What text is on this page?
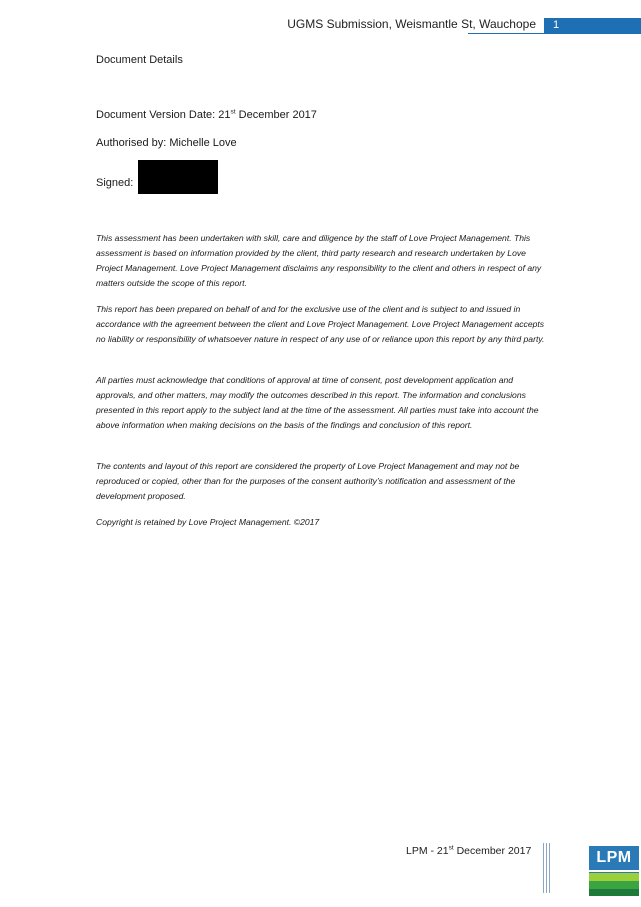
UGMS Submission, Weismantle St, Wauchope 1
Document Details
Document Version Date: 21st December 2017
Authorised by: Michelle Love
Signed:
This assessment has been undertaken with skill, care and diligence by the staff of Love Project Management. This assessment is based on information provided by the client, third party research and research undertaken by Love Project Management. Love Project Management disclaims any responsibility to the client and others in respect of any matters outside the scope of this report.
This report has been prepared on behalf of and for the exclusive use of the client and is subject to and issued in accordance with the agreement between the client and Love Project Management. Love Project Management accepts no liability or responsibility of whatsoever nature in respect of any use of or reliance upon this report by any third party.
All parties must acknowledge that conditions of approval at time of consent, post development application and approvals, and other matters, may modify the outcomes described in this report. The information and conclusions presented in this report apply to the subject land at the time of the assessment. All parties must take into account the above information when making decisions on the basis of the findings and conclusion of this report.
The contents and layout of this report are considered the property of Love Project Management and may not be reproduced or copied, other than for the purposes of the consent authority’s notification and assessment of the development proposed.
Copyright is retained by Love Project Management. ©2017
LPM - 21st December 2017	LPM
